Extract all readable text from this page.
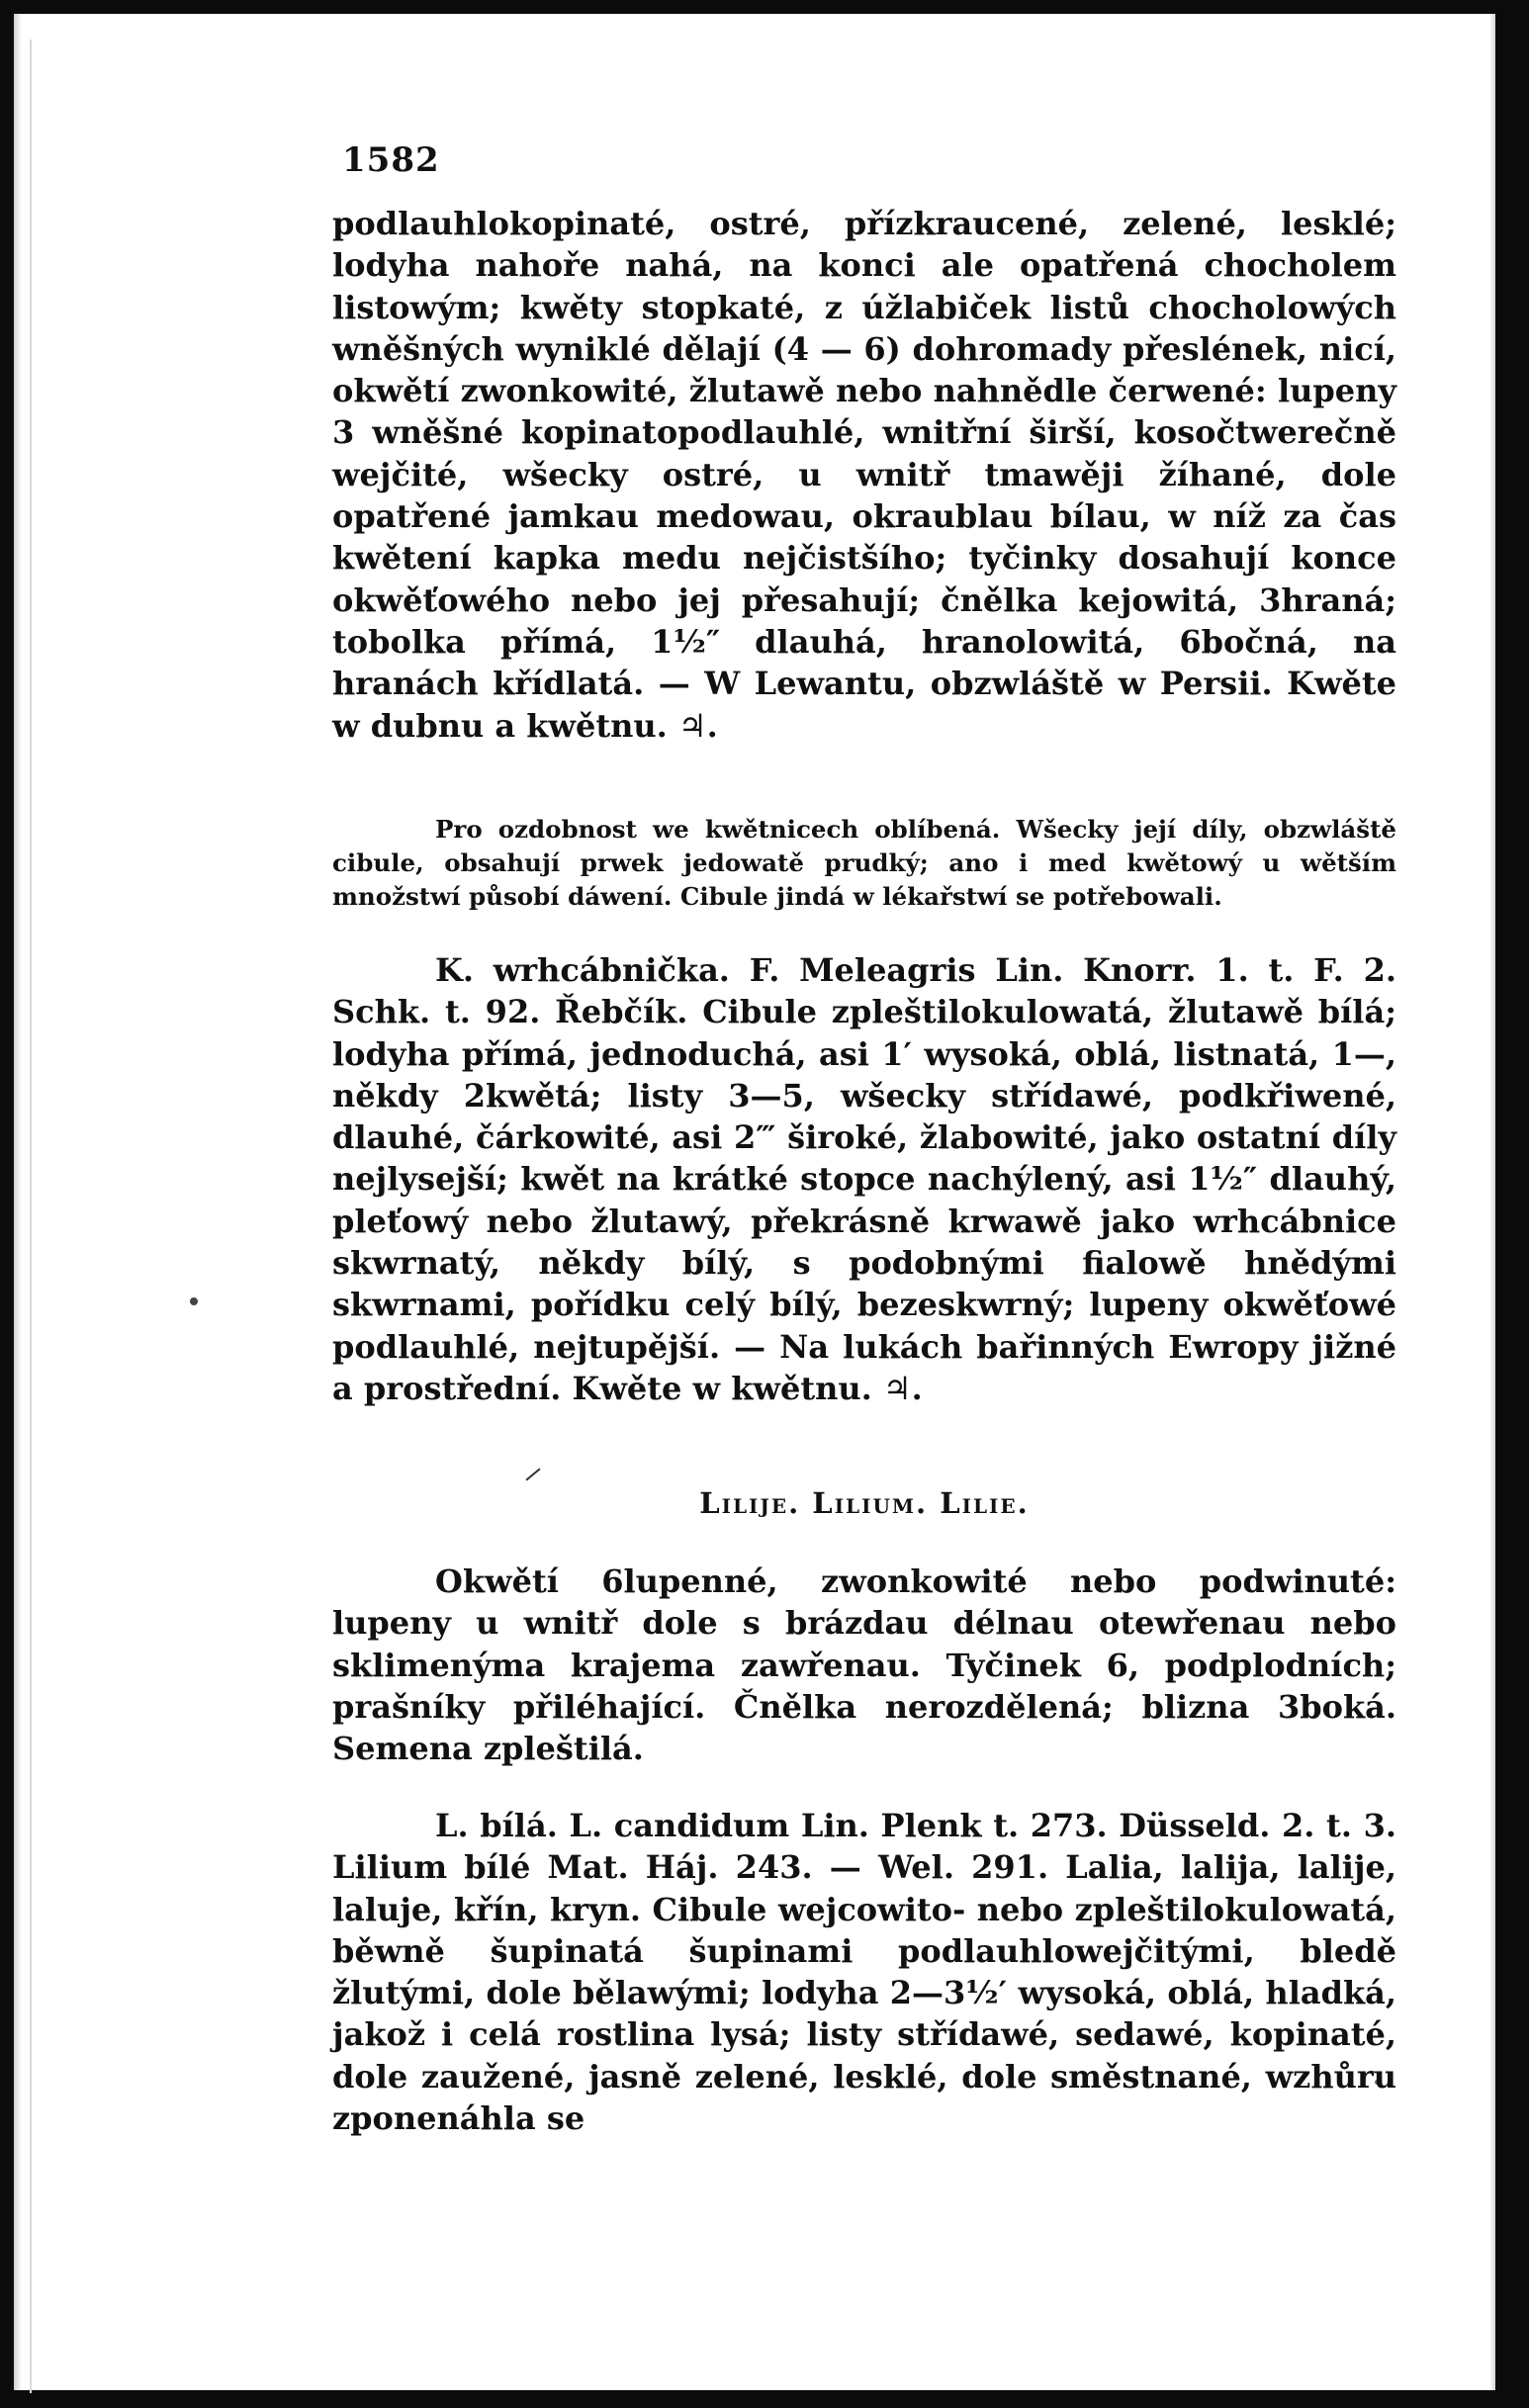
1582

podlauhlokopinaté, ostré, přízkraucené, zelené, lesklé; lodyha nahoře nahá, na konci ale opatřená chocholem listowým; kwěty stopkaté, z úžlabiček listů chocholowých wněšných wyniklé dělají (4 — 6) dohromady přeslének, nicí, okwětí zwonkowité, žlutawě nebo nahnědle čerwené: lupeny 3 wněšné kopinatopodlauhlé, wnitřní širší, kosočtwerečně wejčité, wšecky ostré, u wnitř tmawěji žíhané, dole opatřené jamkau medowau, okraublau bílau, w níž za čas kwětení kapka medu nejčistšího; tyčinky dosahují konce okwěťowého nebo jej přesahují; čnělka kejowitá, 3hraná; tobolka přímá, 1½″ dlauhá, hranolowitá, 6bočná, na hranách křídlatá. — W Lewantu, obzwláště w Persii. Kwěte w dubnu a kwětnu. ♃.

Pro ozdobnost we kwětnicech oblíbená. Wšecky její díly, obzwláště cibule, obsahují prwek jedowatě prudký; ano i med kwětowý u wětším množstwí působí dáwení. Cibule jindá w lékařstwí se potřebowali.

K. wrhcábnička. F. Meleagris Lin. Knorr. 1. t. F. 2. Schk. t. 92. Řebčík. Cibule zpleštilokulowatá, žlutawě bílá; lodyha přímá, jednoduchá, asi 1′ wysoká, oblá, listnatá, 1—, někdy 2kwětá; listy 3—5, wšecky střídawé, podkřiwené, dlauhé, čárkowité, asi 2‴ široké, žlabowité, jako ostatní díly nejlysejší; kwět na krátké stopce nachýlený, asi 1½″ dlauhý, pleťowý nebo žlutawý, překrásně krwawě jako wrhcábnice skwrnatý, někdy bílý, s podobnými fialowě hnědými skwrnami, pořídku celý bílý, bezeskwrný; lupeny okwěťowé podlauhlé, nejtupější. — Na lukách bařinných Ewropy jižné a prostřední. Kwěte w kwětnu. ♃.

Lilije. Lilium. Lilie.

Okwětí 6lupenné, zwonkowité nebo podwinuté: lupeny u wnitř dole s brázdau délnau otewřenau nebo sklimenýma krajema zawřenau. Tyčinek 6, podplodních; prašníky přiléhající. Čnělka nerozdělená; blizna 3boká. Semena zpleštilá.

L. bílá. L. candidum Lin. Plenk t. 273. Düsseld. 2. t. 3. Lilium bílé Mat. Háj. 243. — Wel. 291. Lalia, lalija, lalije, laluje, křín, kryn. Cibule wejcowito- nebo zpleštilokulowatá, běwně šupinatá šupinami podlauhlowejčitými, bledě žlutými, dole bělawými; lodyha 2—3½′ wysoká, oblá, hladká, jakož i celá rostlina lysá; listy střídawé, sedawé, kopinaté, dole zaužené, jasně zelené, lesklé, dole směstnané, wzhůru zponenáhla se
